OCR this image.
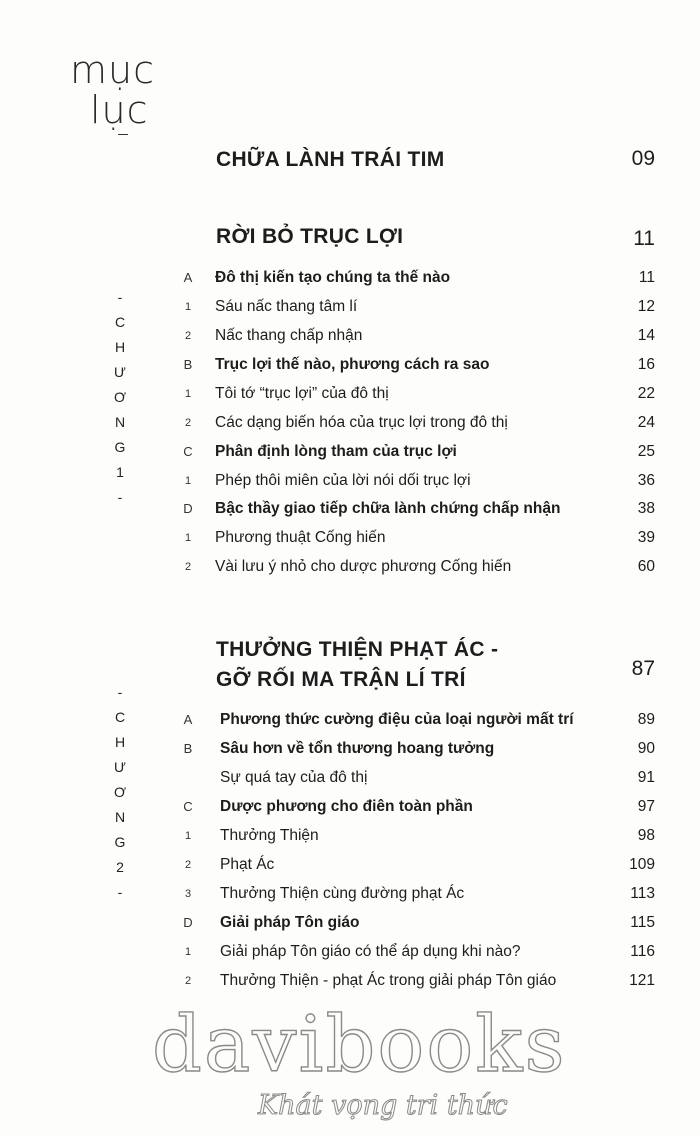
mục
lục
CHỮA LÀNH TRÁI TIM	09
-
C
H
Ư
Ơ
N
G
1
-
RỜI BỎ TRỤC LỢI	11
A	Đô thị kiến tạo chúng ta thế nào	11
1	Sáu nấc thang tâm lí	12
2	Nấc thang chấp nhận	14
B	Trục lợi thế nào, phương cách ra sao	16
1	Tôi tớ “trục lợi” của đô thị	22
2	Các dạng biến hóa của trục lợi trong đô thị	24
C	Phân định lòng tham của trục lợi	25
1	Phép thôi miên của lời nói dối trục lợi	36
D	Bậc thầy giao tiếp chữa lành chứng chấp nhận	38
1	Phương thuật Cống hiến	39
2	Vài lưu ý nhỏ cho dược phương Cống hiến	60
-
C
H
Ư
Ơ
N
G
2
-
THƯỞNG THIỆN PHẠT ÁC -
GỠ RỐI MA TRẬN LÍ TRÍ	87
A	Phương thức cường điệu của loại người mất trí	89
B	Sâu hơn về tổn thương hoang tưởng	90
Sự quá tay của đô thị	91
C	Dược phương cho điên toàn phần	97
1	Thưởng Thiện	98
2	Phạt Ác	109
3	Thưởng Thiện cùng đường phạt Ác	113
D	Giải pháp Tôn giáo	115
1	Giải pháp Tôn giáo có thể áp dụng khi nào?	116
2	Thưởng Thiện - phạt Ác trong giải pháp Tôn giáo	121
davibooks
Khát vọng tri thức
